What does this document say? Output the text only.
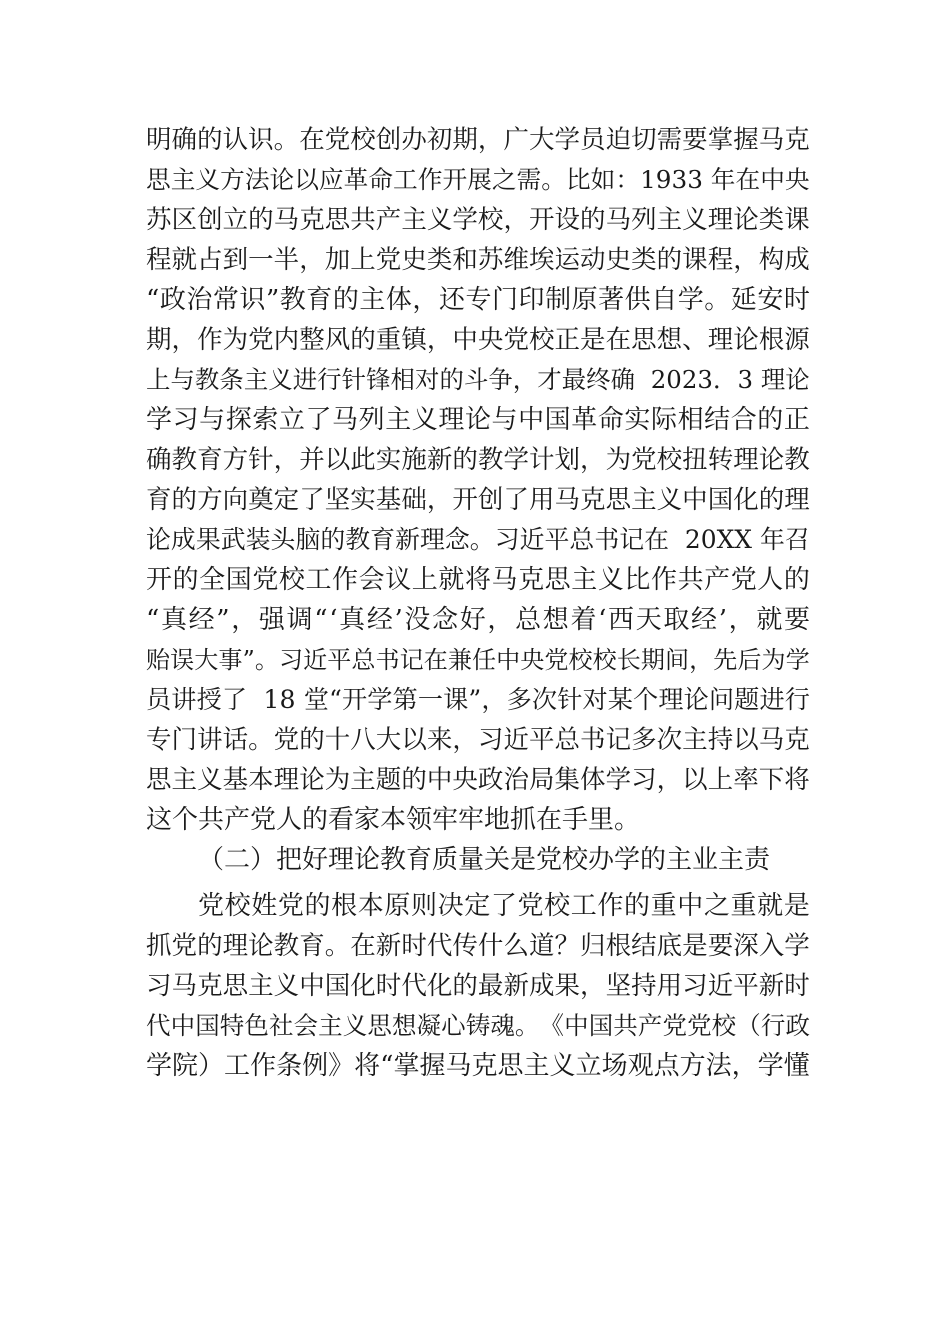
明 确 的 认 识 。 在 党 校 创 办 初 期 ， 广 大 学 员 迫 切 需 要 掌 握 马 克
思 主 义 方 法 论 以 应 革 命 工 作 开 展 之 需 。 比 如 ： 1 9 3 3
年 在 中 央
苏 区 创 立 的 马 克 思 共 产 主 义 学 校 ， 开 设 的 马 列 主 义 理 论 类 课
程 就 占 到 一 半 ， 加 上 党 史 类 和 苏 维 埃 运 动 史 类 的 课 程 ， 构 成
“ 政 治 常 识 ” 教 育 的 主 体 ， 还 专 门 印 制 原 著 供 自 学 。 延 安 时
期 ， 作 为 党 内 整 风 的 重 镇 ， 中 央 党 校 正 是 在 思 想 、 理 论 根 源
上 与 教 条 主 义 进 行 针 锋 相 对 的 斗 争 ， 才 最 终 确

2 0 2 3 ． 3
理 论
学 习 与 探 索 立 了 马 列 主 义 理 论 与 中 国 革 命 实 际 相 结 合 的 正
确 教 育 方 针 ， 并 以 此 实 施 新 的 教 学 计 划 ， 为 党 校 扭 转 理 论 教
育 的 方 向 奠 定 了 坚 实 基 础 ， 开 创 了 用 马 克 思 主 义 中 国 化 的 理
论 成 果 武 装 头 脑 的 教 育 新 理 念 。 习 近 平 总 书 记 在

2 0 X X
年 召
开 的 全 国 党 校 工 作 会 议 上 就 将 马 克 思 主 义 比 作 共 产 党 人 的
“ 真 经 ” ， 强 调 “ ‘ 真 经 ’ 没 念 好 ， 总 想 着 ‘ 西 天 取 经 ’ ， 就 要
贻 误 大 事 ” 。 习 近 平 总 书 记 在 兼 任 中 央 党 校 校 长 期 间 ， 先 后 为 学
员 讲 授 了

1 8
堂 “ 开 学 第 一 课 ” ， 多 次 针 对 某 个 理 论 问 题 进 行
专 门 讲 话 。 党 的 十 八 大 以 来 ， 习 近 平 总 书 记 多 次 主 持 以 马 克
思 主 义 基 本 理 论 为 主 题 的 中 央 政 治 局 集 体 学 习 ， 以 上 率 下 将
这个共产党人的看家本领牢牢地抓在手里。
（二）把好理论教育质量关是党校办学的主业主责
党 校 姓 党 的 根 本 原 则 决 定 了 党 校 工 作 的 重 中 之 重 就 是
抓 党 的 理 论 教 育 。 在 新 时 代 传 什 么 道 ？ 归 根 结 底 是 要 深 入 学
习 马 克 思 主 义 中 国 化 时 代 化 的 最 新 成 果 ， 坚 持 用 习 近 平 新 时
代 中 国 特 色 社 会 主 义 思 想 凝 心 铸 魂 。 《 中 国 共 产 党 党 校 （ 行 政
学 院 ） 工 作 条 例 》 将 “ 掌 握 马 克 思 主 义 立 场 观 点 方 法 ， 学 懂
